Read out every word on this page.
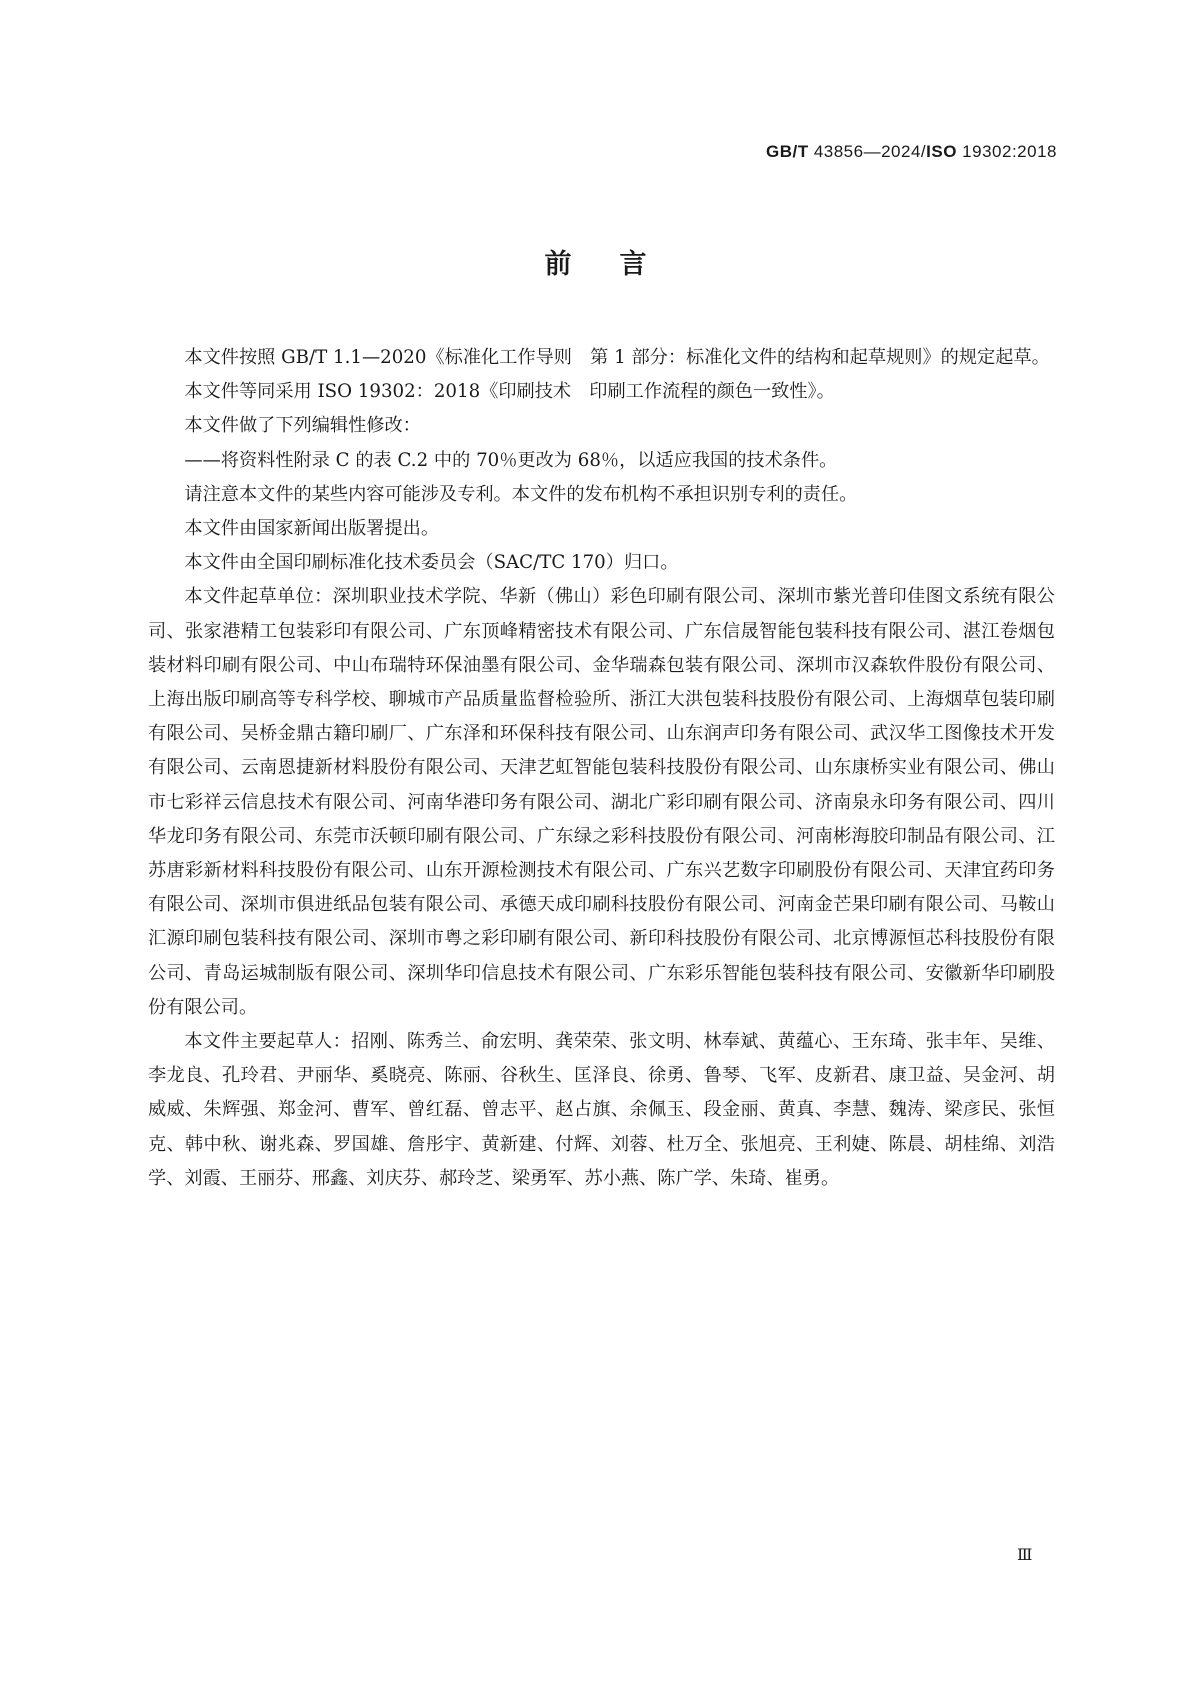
GB/T 43856—2024/ISO 19302:2018
前言

本文件按照 GB/T 1.1—2020《标准化工作导则　第 1 部分：标准化文件的结构和起草规则》的规定起草。

本文件等同采用 ISO 19302：2018《印刷技术　印刷工作流程的颜色一致性》。

本文件做了下列编辑性修改：

——将资料性附录 C 的表 C.2 中的 70％更改为 68％，以适应我国的技术条件。

请注意本文件的某些内容可能涉及专利。本文件的发布机构不承担识别专利的责任。

本文件由国家新闻出版署提出。

本文件由全国印刷标准化技术委员会（SAC/TC 170）归口。

本文件起草单位：深圳职业技术学院、华新（佛山）彩色印刷有限公司、深圳市紫光普印佳图文系统有限公司、张家港精工包装彩印有限公司、广东顶峰精密技术有限公司、广东信晟智能包装科技有限公司、湛江卷烟包装材料印刷有限公司、中山布瑞特环保油墨有限公司、金华瑞森包装有限公司、深圳市汉森软件股份有限公司、上海出版印刷高等专科学校、聊城市产品质量监督检验所、浙江大洪包装科技股份有限公司、上海烟草包装印刷有限公司、吴桥金鼎古籍印刷厂、广东泽和环保科技有限公司、山东润声印务有限公司、武汉华工图像技术开发有限公司、云南恩捷新材料股份有限公司、天津艺虹智能包装科技股份有限公司、山东康桥实业有限公司、佛山市七彩祥云信息技术有限公司、河南华港印务有限公司、湖北广彩印刷有限公司、济南泉永印务有限公司、四川华龙印务有限公司、东莞市沃顿印刷有限公司、广东绿之彩科技股份有限公司、河南彬海胶印制品有限公司、江苏唐彩新材料科技股份有限公司、山东开源检测技术有限公司、广东兴艺数字印刷股份有限公司、天津宜药印务有限公司、深圳市俱进纸品包装有限公司、承德天成印刷科技股份有限公司、河南金芒果印刷有限公司、马鞍山汇源印刷包装科技有限公司、深圳市粤之彩印刷有限公司、新印科技股份有限公司、北京博源恒芯科技股份有限公司、青岛运城制版有限公司、深圳华印信息技术有限公司、广东彩乐智能包装科技有限公司、安徽新华印刷股份有限公司。

本文件主要起草人：招刚、陈秀兰、俞宏明、龚荣荣、张文明、林奉斌、黄蕴心、王东琦、张丰年、吴维、李龙良、孔玲君、尹丽华、奚晓亮、陈丽、谷秋生、匡泽良、徐勇、鲁琴、飞军、皮新君、康卫益、吴金河、胡威威、朱辉强、郑金河、曹军、曾红磊、曾志平、赵占旗、余佩玉、段金丽、黄真、李慧、魏涛、梁彦民、张恒克、韩中秋、谢兆森、罗国雄、詹彤宇、黄新建、付辉、刘蓉、杜万全、张旭亮、王利婕、陈晨、胡桂绵、刘浩学、刘霞、王丽芬、邢鑫、刘庆芬、郝玲芝、梁勇军、苏小燕、陈广学、朱琦、崔勇。

Ⅲ
